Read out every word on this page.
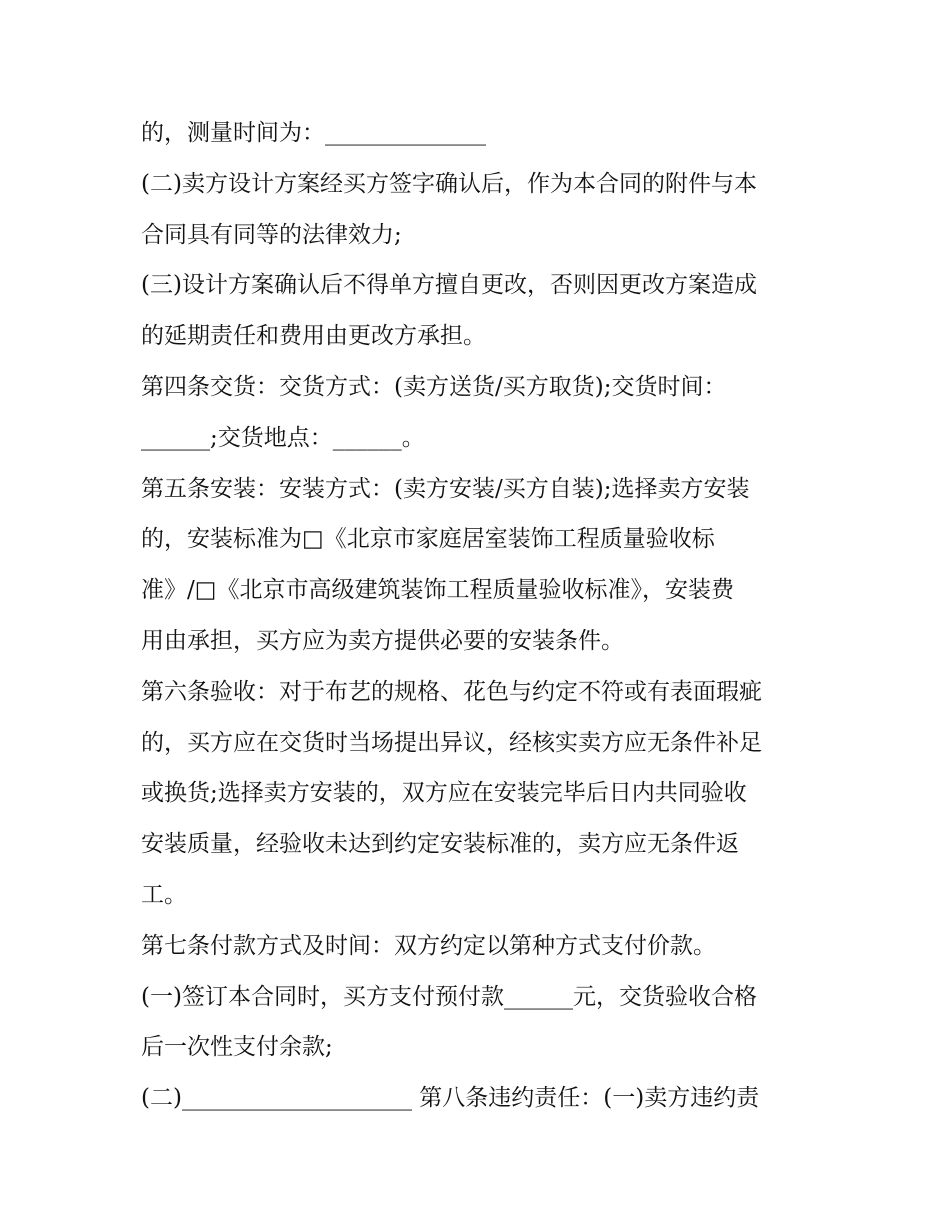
的，测量时间为：______________
(二)卖方设计方案经买方签字确认后，作为本合同的附件与本
合同具有同等的法律效力;
(三)设计方案确认后不得单方擅自更改，否则因更改方案造成
的延期责任和费用由更改方承担。
第四条交货：交货方式：(卖方送货/买方取货);交货时间：
______;交货地点：______。
第五条安装：安装方式：(卖方安装/买方自装);选择卖方安装
的，安装标准为□《北京市家庭居室装饰工程质量验收标
准》/□《北京市高级建筑装饰工程质量验收标准》，安装费
用由承担，买方应为卖方提供必要的安装条件。
第六条验收：对于布艺的规格、花色与约定不符或有表面瑕疵
的，买方应在交货时当场提出异议，经核实卖方应无条件补足
或换货;选择卖方安装的，双方应在安装完毕后日内共同验收
安装质量，经验收未达到约定安装标准的，卖方应无条件返
工。
第七条付款方式及时间：双方约定以第种方式支付价款。
(一)签订本合同时，买方支付预付款______元，交货验收合格
后一次性支付余款;
(二)____________________ 第八条违约责任：(一)卖方违约责
